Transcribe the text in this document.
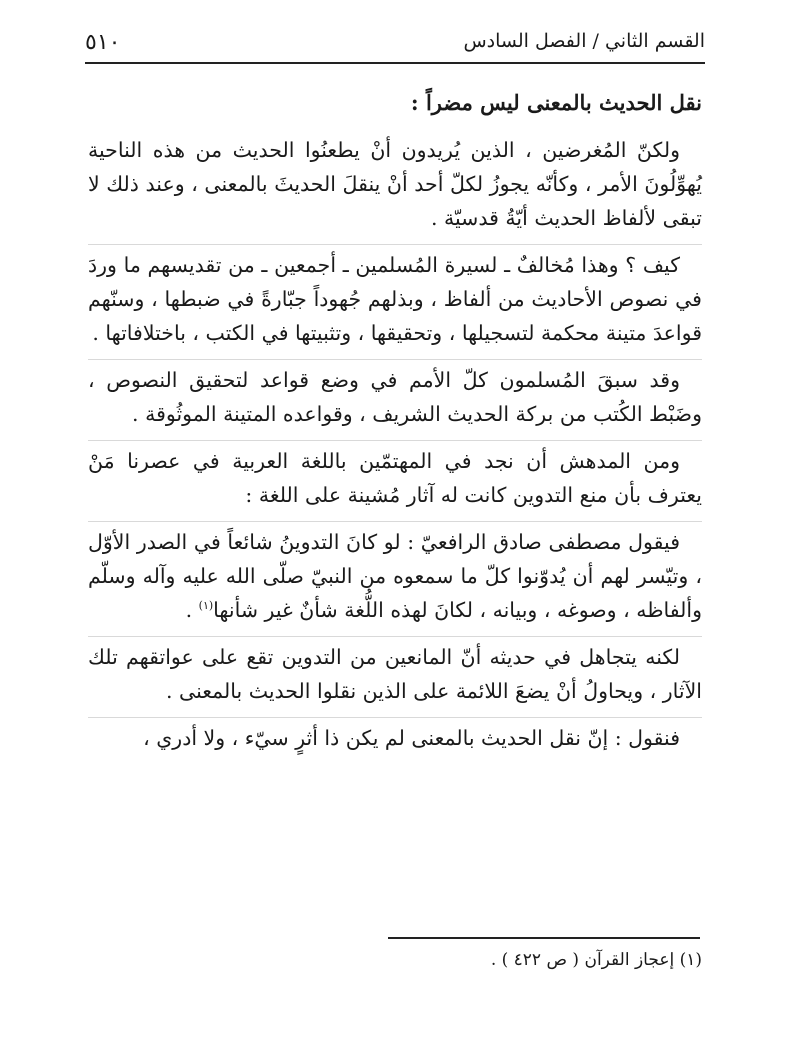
٥١٠	القسم الثاني / الفصل السادس
نقل الحديث بالمعنى ليس مضراً :

ولكنّ المُغرضين ، الذين يُريدون أنْ يطعنُوا الحديث من هذه الناحية يُهوِّلُونَ الأمر ، وكأنّه يجوزُ لكلّ أحد أنْ ينقلَ الحديثَ بالمعنى ، وعند ذلك لا تبقى لألفاظ الحديث أيّةُ قدسيّة .

كيف ؟ وهذا مُخالفٌ ـ لسيرة المُسلمين ـ أجمعين ـ من تقديسهم ما وردَ في نصوص الأحاديث من ألفاظ ، وبذلهم جُهوداً جبّارةً في ضبطها ، وسنّهم قواعدَ متينة محكمة لتسجيلها ، وتحقيقها ، وتثبيتها في الكتب ، باختلافاتها .

وقد سبقَ المُسلمون كلّ الأمم في وضع قواعد لتحقيق النصوص ، وضَبْط الكُتب من بركة الحديث الشريف ، وقواعده المتينة الموثُوقة .

ومن المدهش أن نجد في المهتمّين باللغة العربية في عصرنا مَنْ يعترف بأن منع التدوين كانت له آثار مُشينة على اللغة :

فيقول مصطفى صادق الرافعيّ : لو كانَ التدوينُ شائعاً في الصدر الأوّل ، وتيّسر لهم أن يُدوّنوا كلّ ما سمعوه من النبيّ صلّى الله عليه وآله وسلّم وألفاظه ، وصوغه ، وبيانه ، لكانَ لهذه اللُّغة شأنٌ غير شأنها$^{(١)}$ .

لكنه يتجاهل في حديثه أنّ المانعين من التدوين تقع على عواتقهم تلك الآثار ، ويحاولُ أنْ يضعَ اللائمة على الذين نقلوا الحديث بالمعنى .

فنقول : إنّ نقل الحديث بالمعنى لم يكن ذا أثرٍ سيّء ، ولا أدري ،

(١) إعجاز القرآن ( ص ٤٢٢ ) .
